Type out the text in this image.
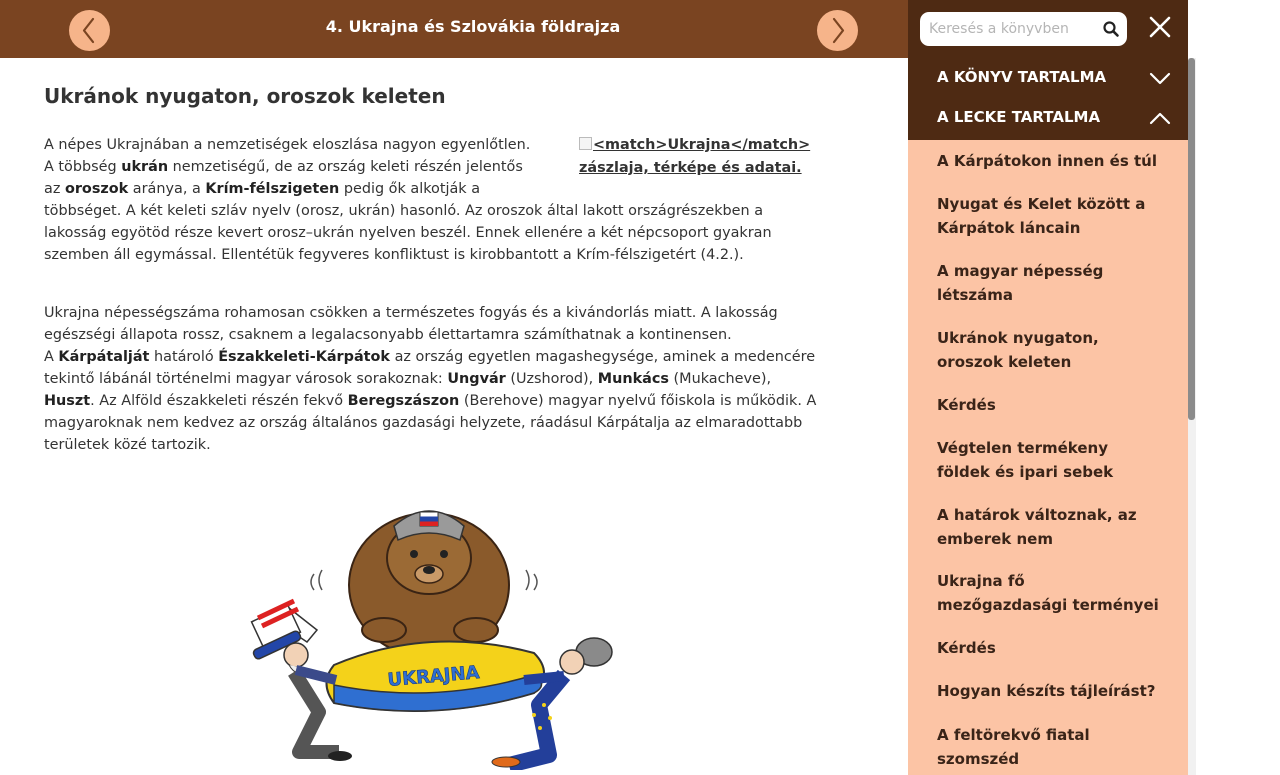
4. Ukrajna és Szlovákia földrajza
Ukránok nyugaton, oroszok keleten
<match>Ukrajna</match>
zászlaja, térképe és adatai.
A népes Ukrajnában a nemzetiségek eloszlása nagyon egyenlőtlen. A többség ukrán nemzetiségű, de az ország keleti részén jelentős az oroszok aránya, a Krím-félszigeten pedig ők alkotják a többséget. A két keleti szláv nyelv (orosz, ukrán) hasonló. Az oroszok által lakott országrészekben a lakosság egyötöd része kevert orosz–ukrán nyelven beszél. Ennek ellenére a két népcsoport gyakran szemben áll egymással. Ellentétük fegyveres konfliktust is kirobbantott a Krím-félszigetért (4.2.).
Ukrajna népességszáma rohamosan csökken a természetes fogyás és a kivándorlás miatt. A lakosság egészségi állapota rossz, csaknem a legalacsonyabb élettartamra számíthatnak a kontinensen.
A Kárpátalját határoló Északkeleti-Kárpátok az ország egyetlen magashegysége, aminek a medencére tekintő lábánál történelmi magyar városok sorakoznak: Ungvár (Uzshorod), Munkács (Mukacheve), Huszt. Az Alföld északkeleti részén fekvő Beregszászon (Berehove) magyar nyelvű főiskola is működik. A magyaroknak nem kedvez az ország általános gazdasági helyzete, ráadásul Kárpátalja az elmaradottabb területek közé tartozik.
UKRAJNA
Keresés a könyvben
A KÖNYV TARTALMA
A LECKE TARTALMA
A Kárpátokon innen és túl
Nyugat és Kelet között a Kárpátok láncain
A magyar népesség létszáma
Ukránok nyugaton, oroszok keleten
Kérdés
Végtelen termékeny földek és ipari sebek
A határok változnak, az emberek nem
Ukrajna fő mezőgazdasági terményei
Kérdés
Hogyan készíts tájleírást?
A feltörekvő fiatal szomszéd
